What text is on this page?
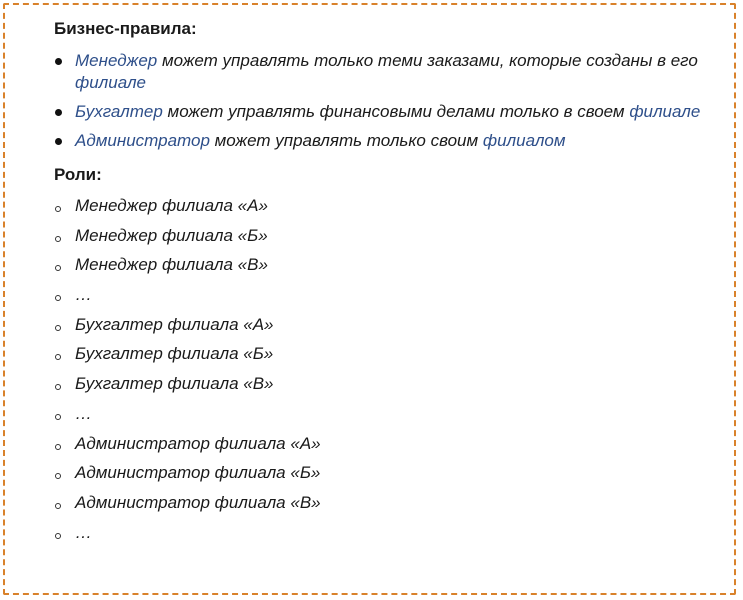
Бизнес-правила:

Менеджер может управлять только теми заказами, которые созданы в его филиале
Бухгалтер может управлять финансовыми делами только в своем филиале
Администратор может управлять только своим филиалом

Роли:

Менеджер филиала «А»
Менеджер филиала «Б»
Менеджер филиала «В»
…
Бухгалтер филиала «А»
Бухгалтер филиала «Б»
Бухгалтер филиала «В»
…
Администратор филиала «А»
Администратор филиала «Б»
Администратор филиала «В»
…
